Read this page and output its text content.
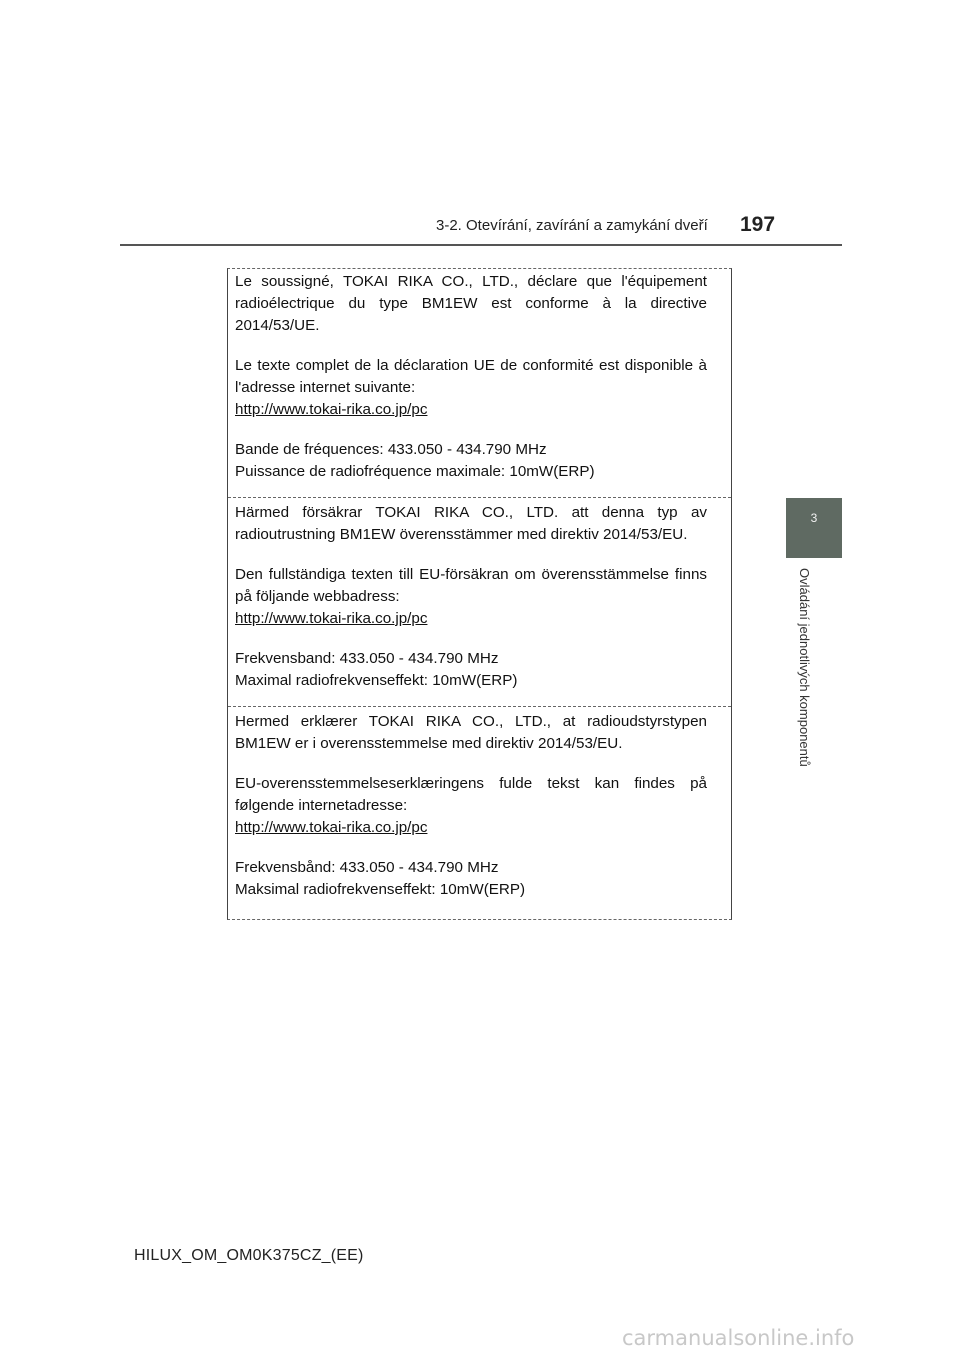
3-2. Otevírání, zavírání a zamykání dveří 197
3
Ovládání jednotlivých komponentů

Le soussigné, TOKAI RIKA CO., LTD., déclare que l'équipement radioélectrique du type BM1EW est conforme à la directive 2014/53/UE.

Le texte complet de la déclaration UE de conformité est disponible à l'adresse internet suivante:
http://www.tokai-rika.co.jp/pc

Bande de fréquences: 433.050 - 434.790 MHz
Puissance de radiofréquence maximale: 10mW(ERP)

Härmed försäkrar TOKAI RIKA CO., LTD. att denna typ av radioutrustning BM1EW överensstämmer med direktiv 2014/53/EU.

Den fullständiga texten till EU-försäkran om överensstämmelse finns på följande webbadress:
http://www.tokai-rika.co.jp/pc

Frekvensband: 433.050 - 434.790 MHz
Maximal radiofrekvenseffekt: 10mW(ERP)

Hermed erklærer TOKAI RIKA CO., LTD., at radioudstyrstypen BM1EW er i overensstemmelse med direktiv 2014/53/EU.

EU-overensstemmelseserklæringens fulde tekst kan findes på følgende internetadresse:
http://www.tokai-rika.co.jp/pc

Frekvensbånd: 433.050 - 434.790 MHz
Maksimal radiofrekvenseffekt: 10mW(ERP)

HILUX_OM_OM0K375CZ_(EE)
carmanualsonline.info
